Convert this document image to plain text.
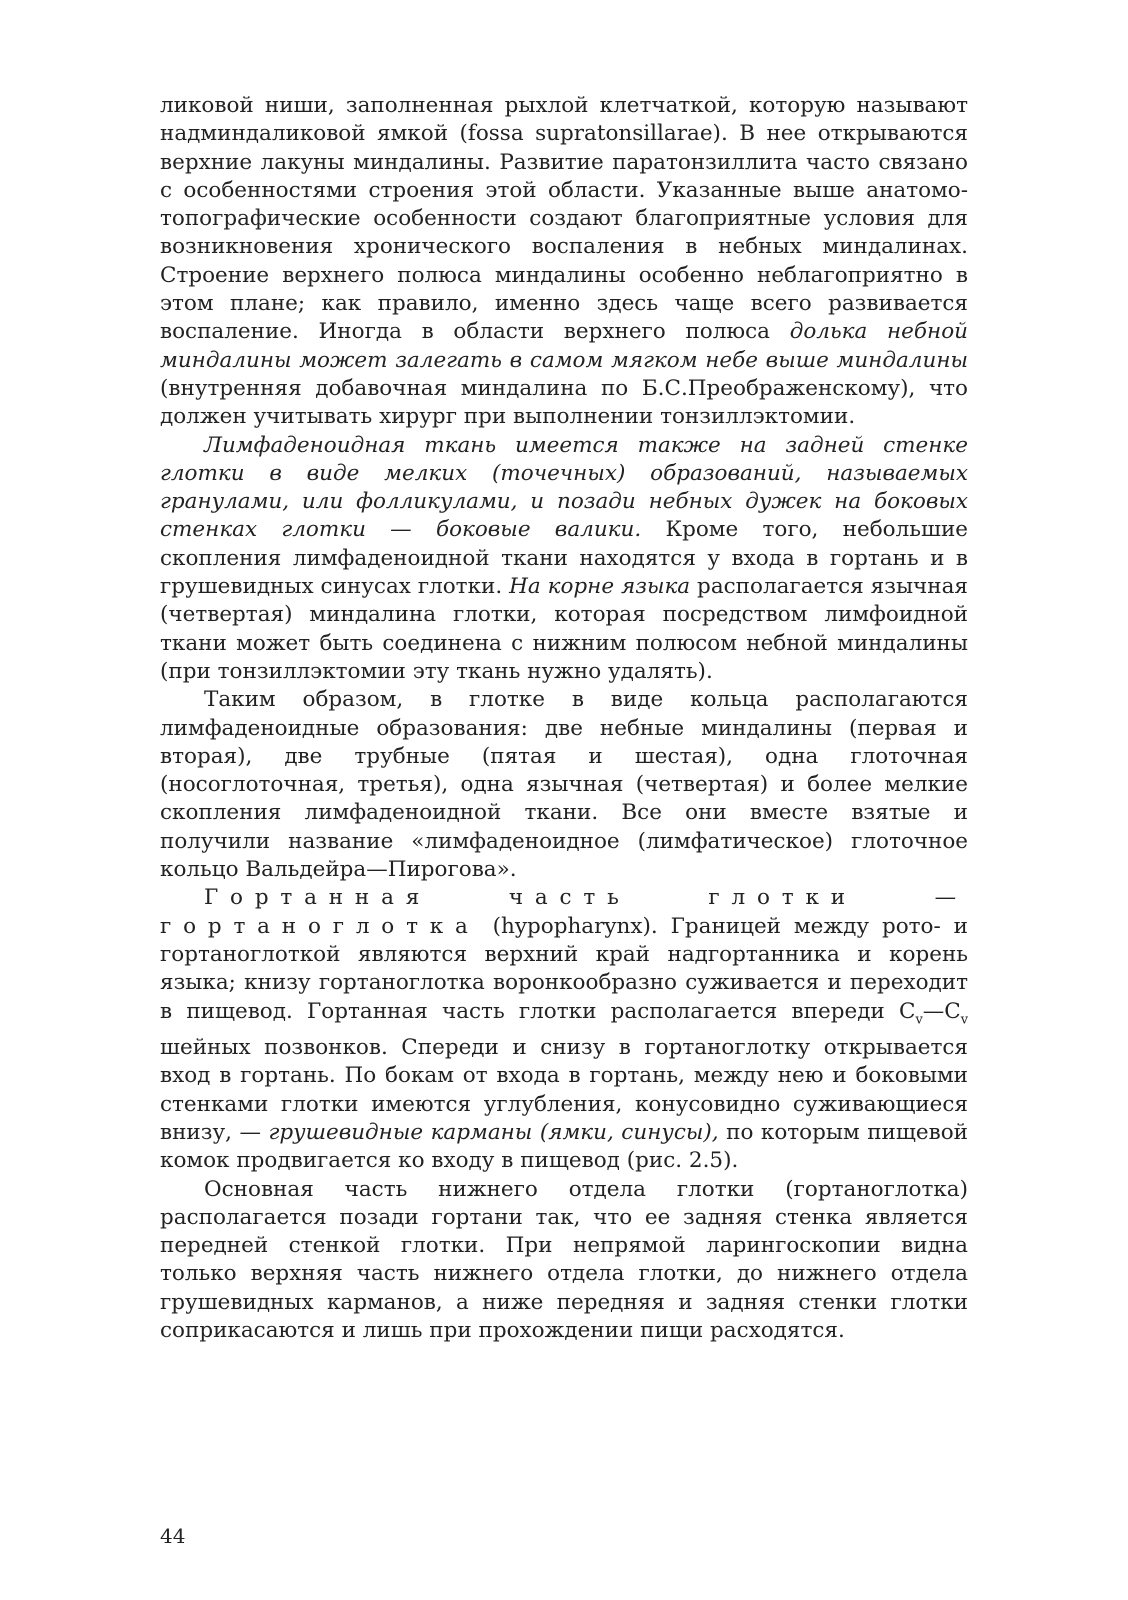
ликовой ниши, заполненная рыхлой клетчаткой, которую называют надминдаликовой ямкой (fossa supratonsillarae). В нее открываются верхние лакуны миндалины. Развитие паратонзиллита часто связано с особенностями строения этой области. Указанные выше анатомо-топографические особенности создают благоприятные условия для возникновения хронического воспаления в небных миндалинах. Строение верхнего полюса миндалины особенно неблагоприятно в этом плане; как правило, именно здесь чаще всего развивается воспаление. Иногда в области верхнего полюса долька небной миндалины может залегать в самом мягком небе выше миндалины (внутренняя добавочная миндалина по Б.С.Преображенскому), что должен учитывать хирург при выполнении тонзиллэктомии.

Лимфаденоидная ткань имеется также на задней стенке глотки в виде мелких (точечных) образований, называемых гранулами, или фолликулами, и позади небных дужек на боковых стенках глотки — боковые валики. Кроме того, небольшие скопления лимфаденоидной ткани находятся у входа в гортань и в грушевидных синусах глотки. На корне языка располагается язычная (четвертая) миндалина глотки, которая посредством лимфоидной ткани может быть соединена с нижним полюсом небной миндалины (при тонзиллэктомии эту ткань нужно удалять).

Таким образом, в глотке в виде кольца располагаются лимфаденоидные образования: две небные миндалины (первая и вторая), две трубные (пятая и шестая), одна глоточная (носоглоточная, третья), одна язычная (четвертая) и более мелкие скопления лимфаденоидной ткани. Все они вместе взятые и получили название «лимфаденоидное (лимфатическое) глоточное кольцо Вальдейра—Пирогова».

Гортанная часть глотки — гортаноглотка (hypopharynx). Границей между рото- и гортаноглоткой являются верхний край надгортанника и корень языка; книзу гортаноглотка воронкообразно суживается и переходит в пищевод. Гортанная часть глотки располагается впереди $C_v—C_v$ шейных позвонков. Спереди и снизу в гортаноглотку открывается вход в гортань. По бокам от входа в гортань, между нею и боковыми стенками глотки имеются углубления, конусовидно суживающиеся внизу, — грушевидные карманы (ямки, синусы), по которым пищевой комок продвигается ко входу в пищевод (рис. 2.5).

Основная часть нижнего отдела глотки (гортаноглотка) располагается позади гортани так, что ее задняя стенка является передней стенкой глотки. При непрямой ларингоскопии видна только верхняя часть нижнего отдела глотки, до нижнего отдела грушевидных карманов, а ниже передняя и задняя стенки глотки соприкасаются и лишь при прохождении пищи расходятся.

44
